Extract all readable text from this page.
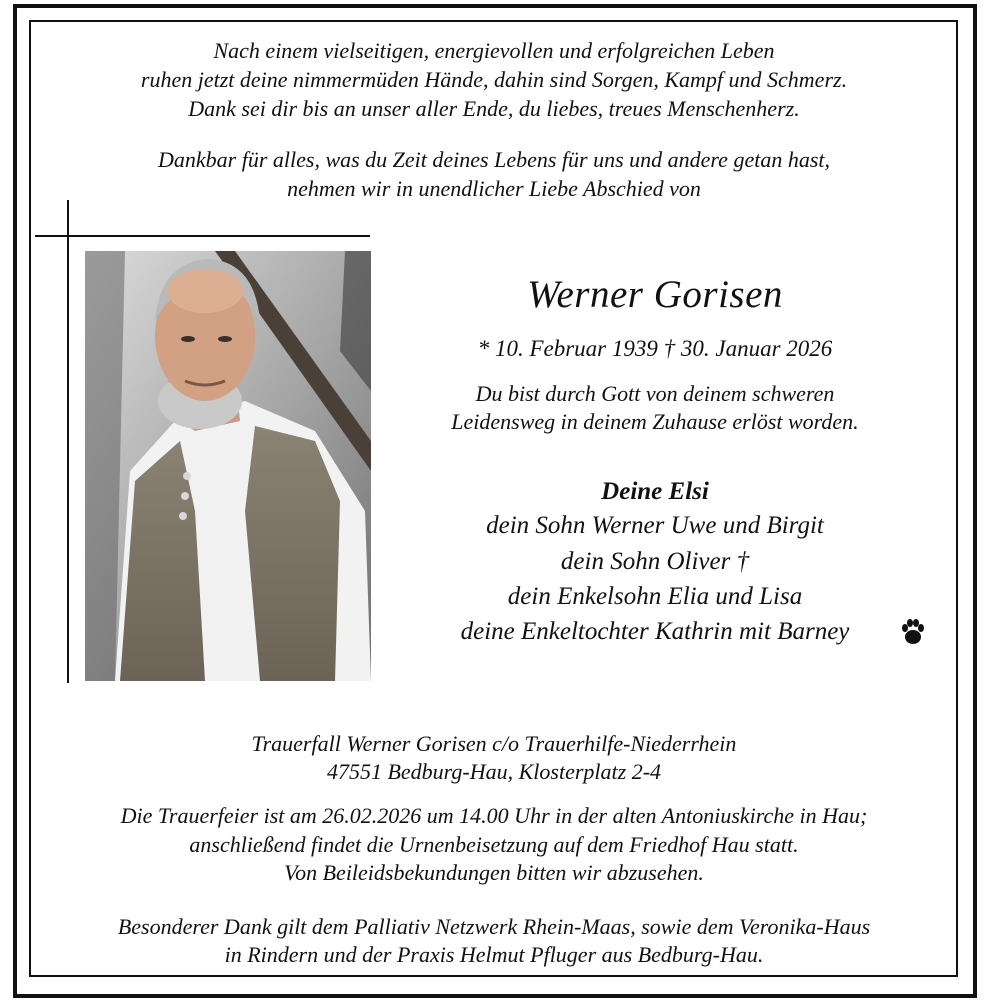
Nach einem vielseitigen, energievollen und erfolgreichen Leben
ruhen jetzt deine nimmermüden Hände, dahin sind Sorgen, Kampf und Schmerz.
Dank sei dir bis an unser aller Ende, du liebes, treues Menschenherz.
Dankbar für alles, was du Zeit deines Lebens für uns und andere getan hast,
nehmen wir in unendlicher Liebe Abschied von
Werner Gorisen
* 10. Februar 1939 † 30. Januar 2026
Du bist durch Gott von deinem schweren
Leidensweg in deinem Zuhause erlöst worden.
Deine Elsi
dein Sohn Werner Uwe und Birgit
dein Sohn Oliver †
dein Enkelsohn Elia und Lisa
deine Enkeltochter Kathrin mit Barney
Trauerfall Werner Gorisen c/o Trauerhilfe-Niederrhein
47551 Bedburg-Hau, Klosterplatz 2-4
Die Trauerfeier ist am 26.02.2026 um 14.00 Uhr in der alten Antoniuskirche in Hau;
anschließend findet die Urnenbeisetzung auf dem Friedhof Hau statt.
Von Beileidsbekundungen bitten wir abzusehen.
Besonderer Dank gilt dem Palliativ Netzwerk Rhein-Maas, sowie dem Veronika-Haus
in Rindern und der Praxis Helmut Pfluger aus Bedburg-Hau.
